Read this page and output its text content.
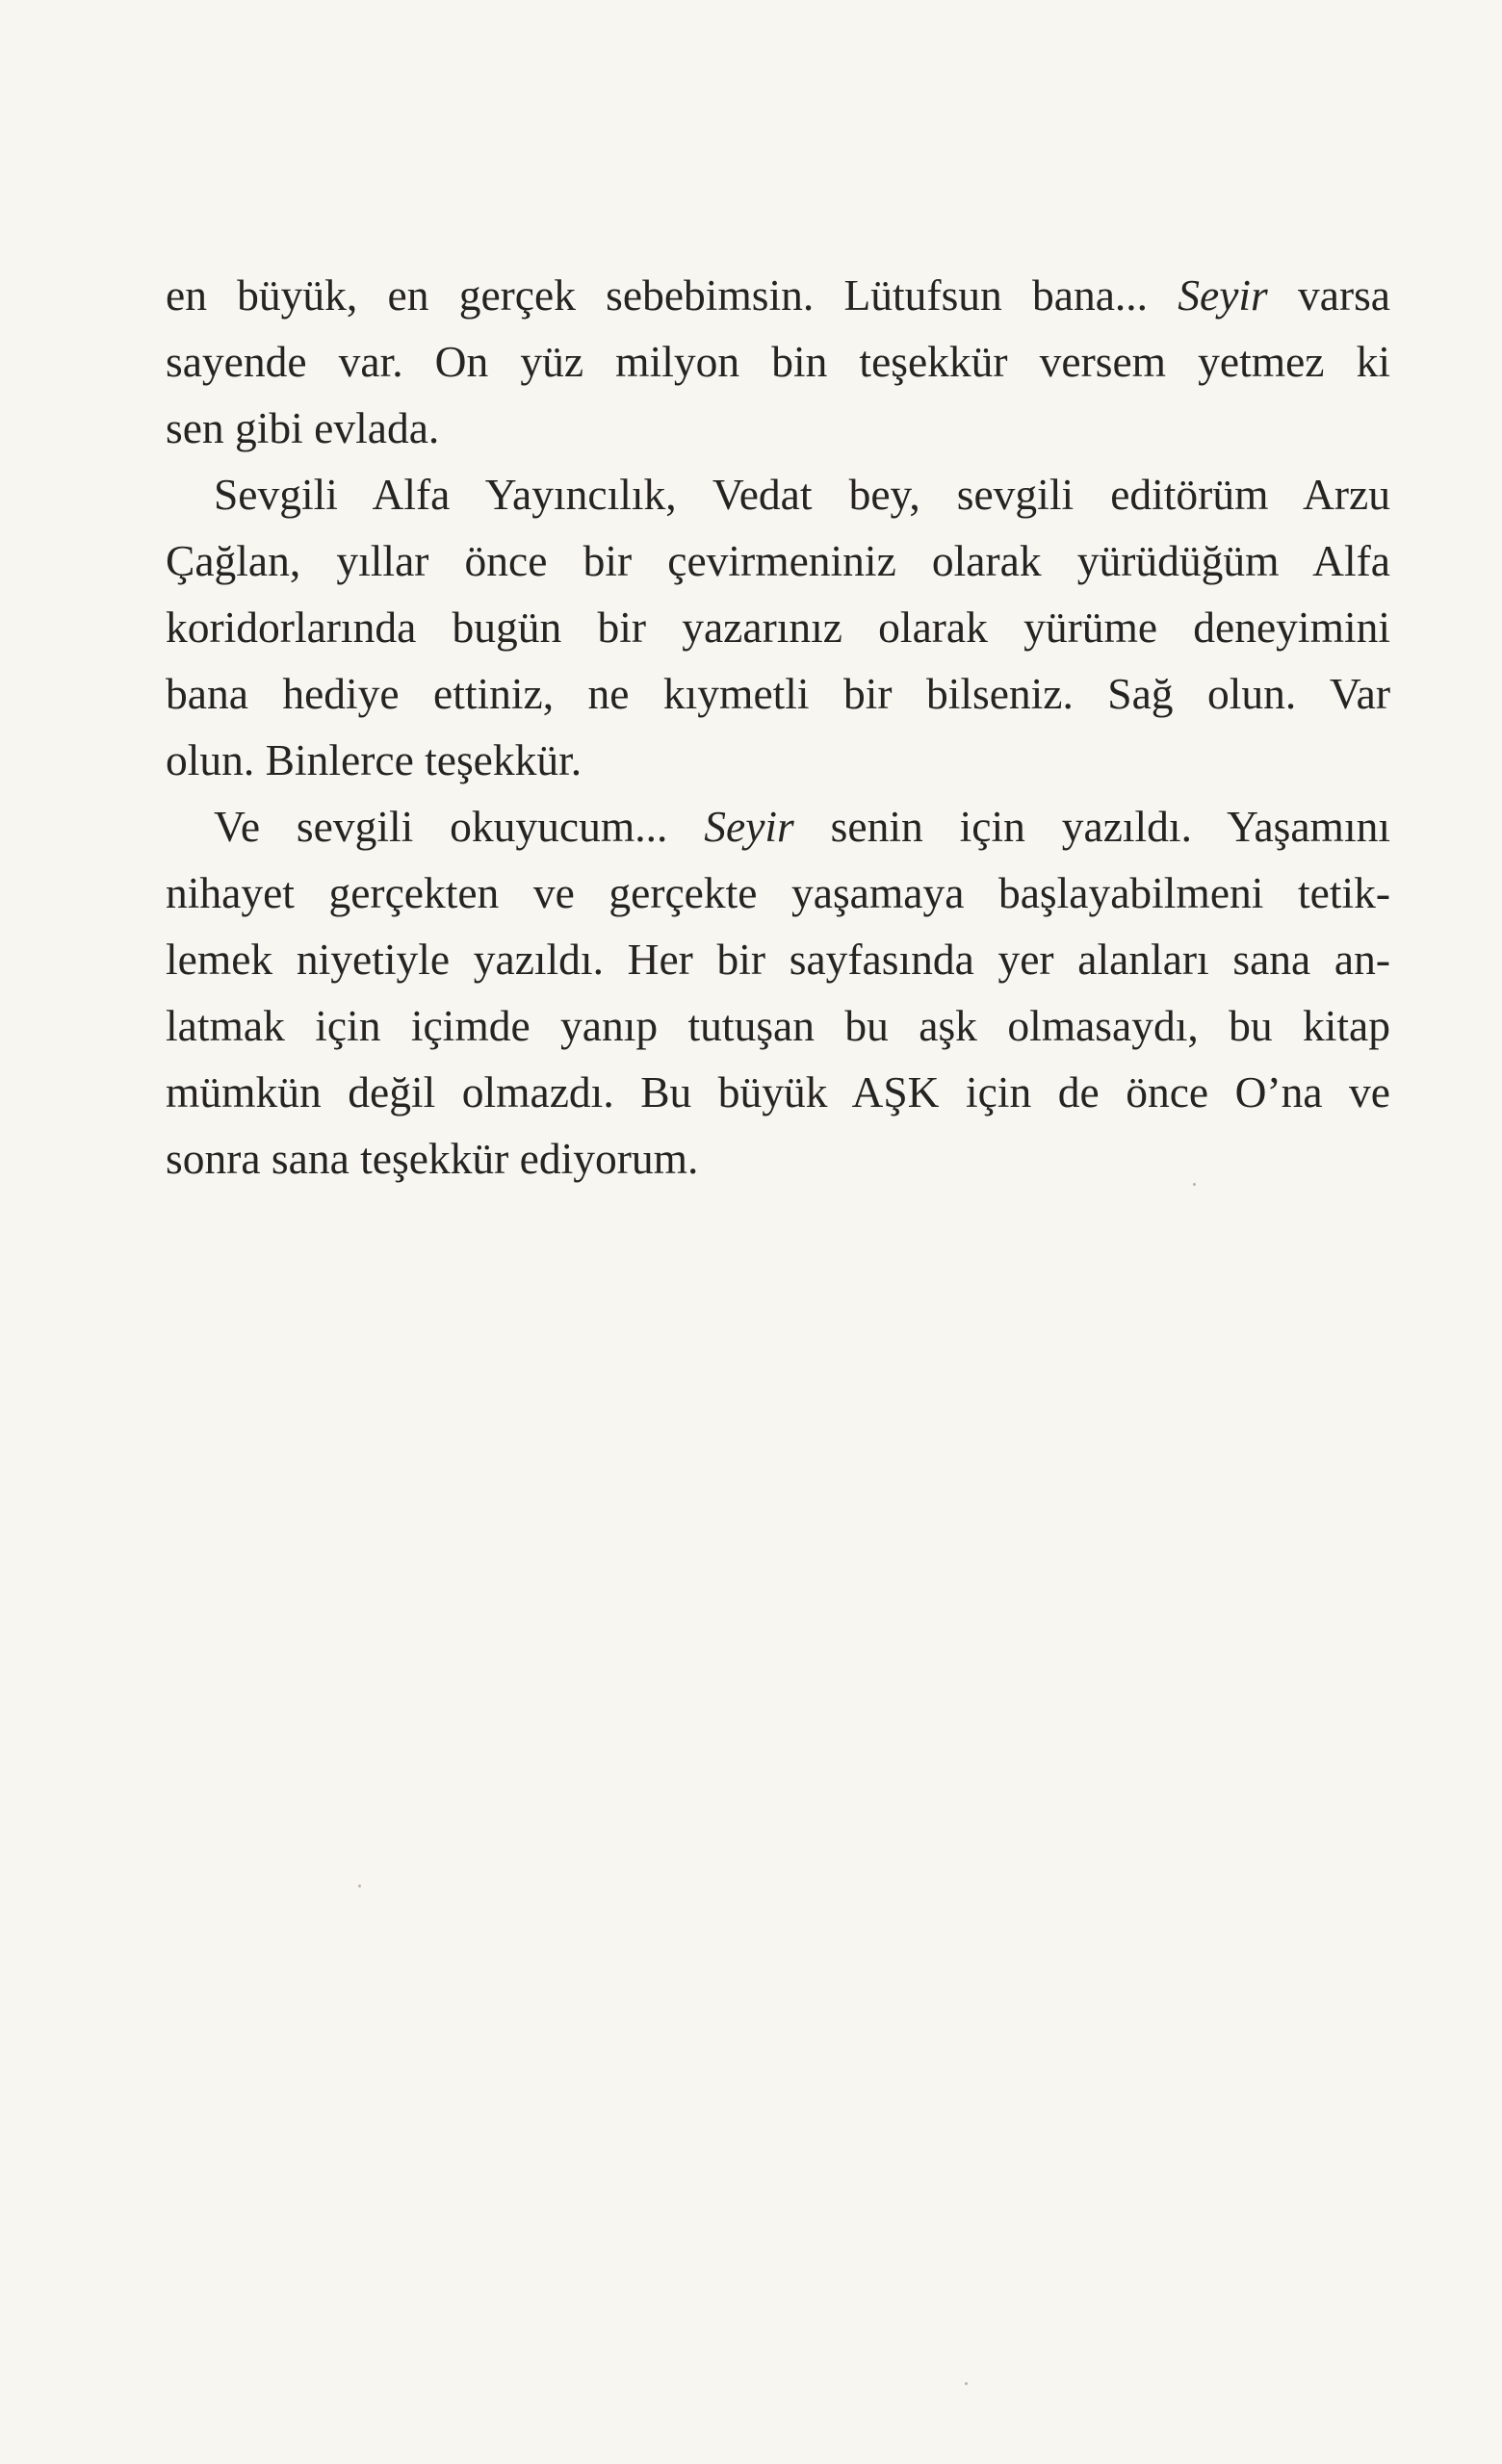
en büyük, en gerçek sebebimsin. Lütufsun bana... Seyir varsa
sayende var. On yüz milyon bin teşekkür versem yetmez ki
sen gibi evlada.
Sevgili Alfa Yayıncılık, Vedat bey, sevgili editörüm Arzu
Çağlan, yıllar önce bir çevirmeniniz olarak yürüdüğüm Alfa
koridorlarında bugün bir yazarınız olarak yürüme deneyimini
bana hediye ettiniz, ne kıymetli bir bilseniz. Sağ olun. Var
olun. Binlerce teşekkür.
Ve sevgili okuyucum... Seyir senin için yazıldı. Yaşamını
nihayet gerçekten ve gerçekte yaşamaya başlayabilmeni tetik-
lemek niyetiyle yazıldı. Her bir sayfasında yer alanları sana an-
latmak için içimde yanıp tutuşan bu aşk olmasaydı, bu kitap
mümkün değil olmazdı. Bu büyük AŞK için de önce O’na ve
sonra sana teşekkür ediyorum.
